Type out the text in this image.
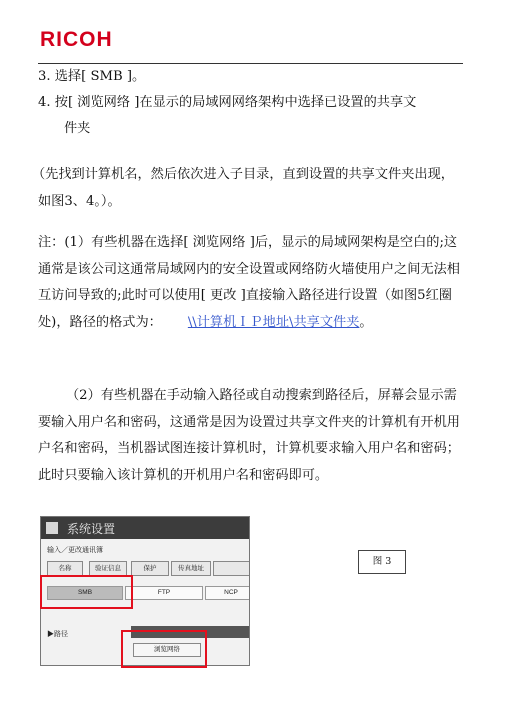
RICOH
3. 选择[ SMB ]。
4. 按[ 浏览网络 ]在显示的局域网网络架构中选择已设置的共享文
件夹
（先找到计算机名，然后依次进入子目录，直到设置的共享文件夹出现，如图3、4。）。
注：(1）有些机器在选择[ 浏览网络 ]后，显示的局域网架构是空白的;这通常是该公司这通常局域网内的安全设置或网络防火墙使用户之间无法相互访问导致的;此时可以使用[ 更改 ]直接输入路径进行设置（如图5红圈处)，路径的格式为： \\计算机ＩＰ地址\共享文件夹。
（2）有些机器在手动输入路径或自动搜索到路径后，屏幕会显示需要输入用户名和密码，这通常是因为设置过共享文件夹的计算机有开机用户名和密码，当机器试图连接计算机时，计算机要求输入用户名和密码；此时只要输入该计算机的开机用户名和密码即可。
系统设置
输入／更改通讯簿
名称	验证信息	保护	传真地址
SMB	FTP	NCP
▶路径
浏览网络
图 3
